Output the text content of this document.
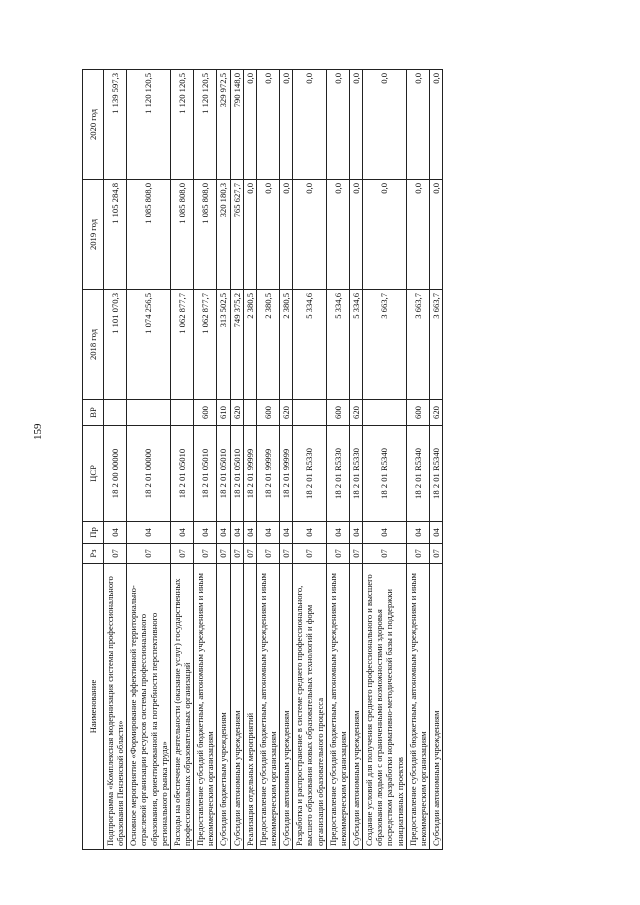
159
Наименование	Рз	Пр	ЦСР	ВР	2018 год	2019 год	2020 год
Подпрограмма «Комплексная модернизация системы профессионального образования Пензенской области»	07	04	18 2 00 00000		1 101 070,3	1 105 284,8	1 139 597,3
Основное мероприятие «Формирование эффективной территориально-отраслевой организации ресурсов системы профессионального образования, ориентированной на потребности перспективного регионального рынка труда»	07	04	18 2 01 00000		1 074 256,5	1 085 808,0	1 120 120,5
Расходы на обеспечение деятельности (оказание услуг) государственных профессиональных образовательных организаций	07	04	18 2 01 05010		1 062 877,7	1 085 808,0	1 120 120,5
Предоставление субсидий бюджетным, автономным учреждениям и иным некоммерческим организациям	07	04	18 2 01 05010	600	1 062 877,7	1 085 808,0	1 120 120,5
Субсидии бюджетным учреждениям	07	04	18 2 01 05010	610	313 502,5	320 180,3	329 972,5
Субсидии автономным учреждениям	07	04	18 2 01 05010	620	749 375,2	765 627,7	790 148,0
Реализация отдельных мероприятий	07	04	18 2 01 99999		2 380,5	0,0	0,0
Предоставление субсидий бюджетным, автономным учреждениям и иным некоммерческим организациям	07	04	18 2 01 99999	600	2 380,5	0,0	0,0
Субсидии автономным учреждениям	07	04	18 2 01 99999	620	2 380,5	0,0	0,0
Разработка и распространение в системе среднего профессионального, высшего образования новых образовательных технологий и форм организации образовательного процесса	07	04	18 2 01 R5330		5 334,6	0,0	0,0
Предоставление субсидий бюджетным, автономным учреждениям и иным некоммерческим организациям	07	04	18 2 01 R5330	600	5 334,6	0,0	0,0
Субсидии автономным учреждениям	07	04	18 2 01 R5330	620	5 334,6	0,0	0,0
Создание условий для получения среднего профессионального и высшего образования людьми с ограниченными возможностями здоровья посредством разработки нормативно-методической базы и поддержки инициативных проектов	07	04	18 2 01 R5340		3 663,7	0,0	0,0
Предоставление субсидий бюджетным, автономным учреждениям и иным некоммерческим организациям	07	04	18 2 01 R5340	600	3 663,7	0,0	0,0
Субсидии автономным учреждениям	07	04	18 2 01 R5340	620	3 663,7	0,0	0,0
